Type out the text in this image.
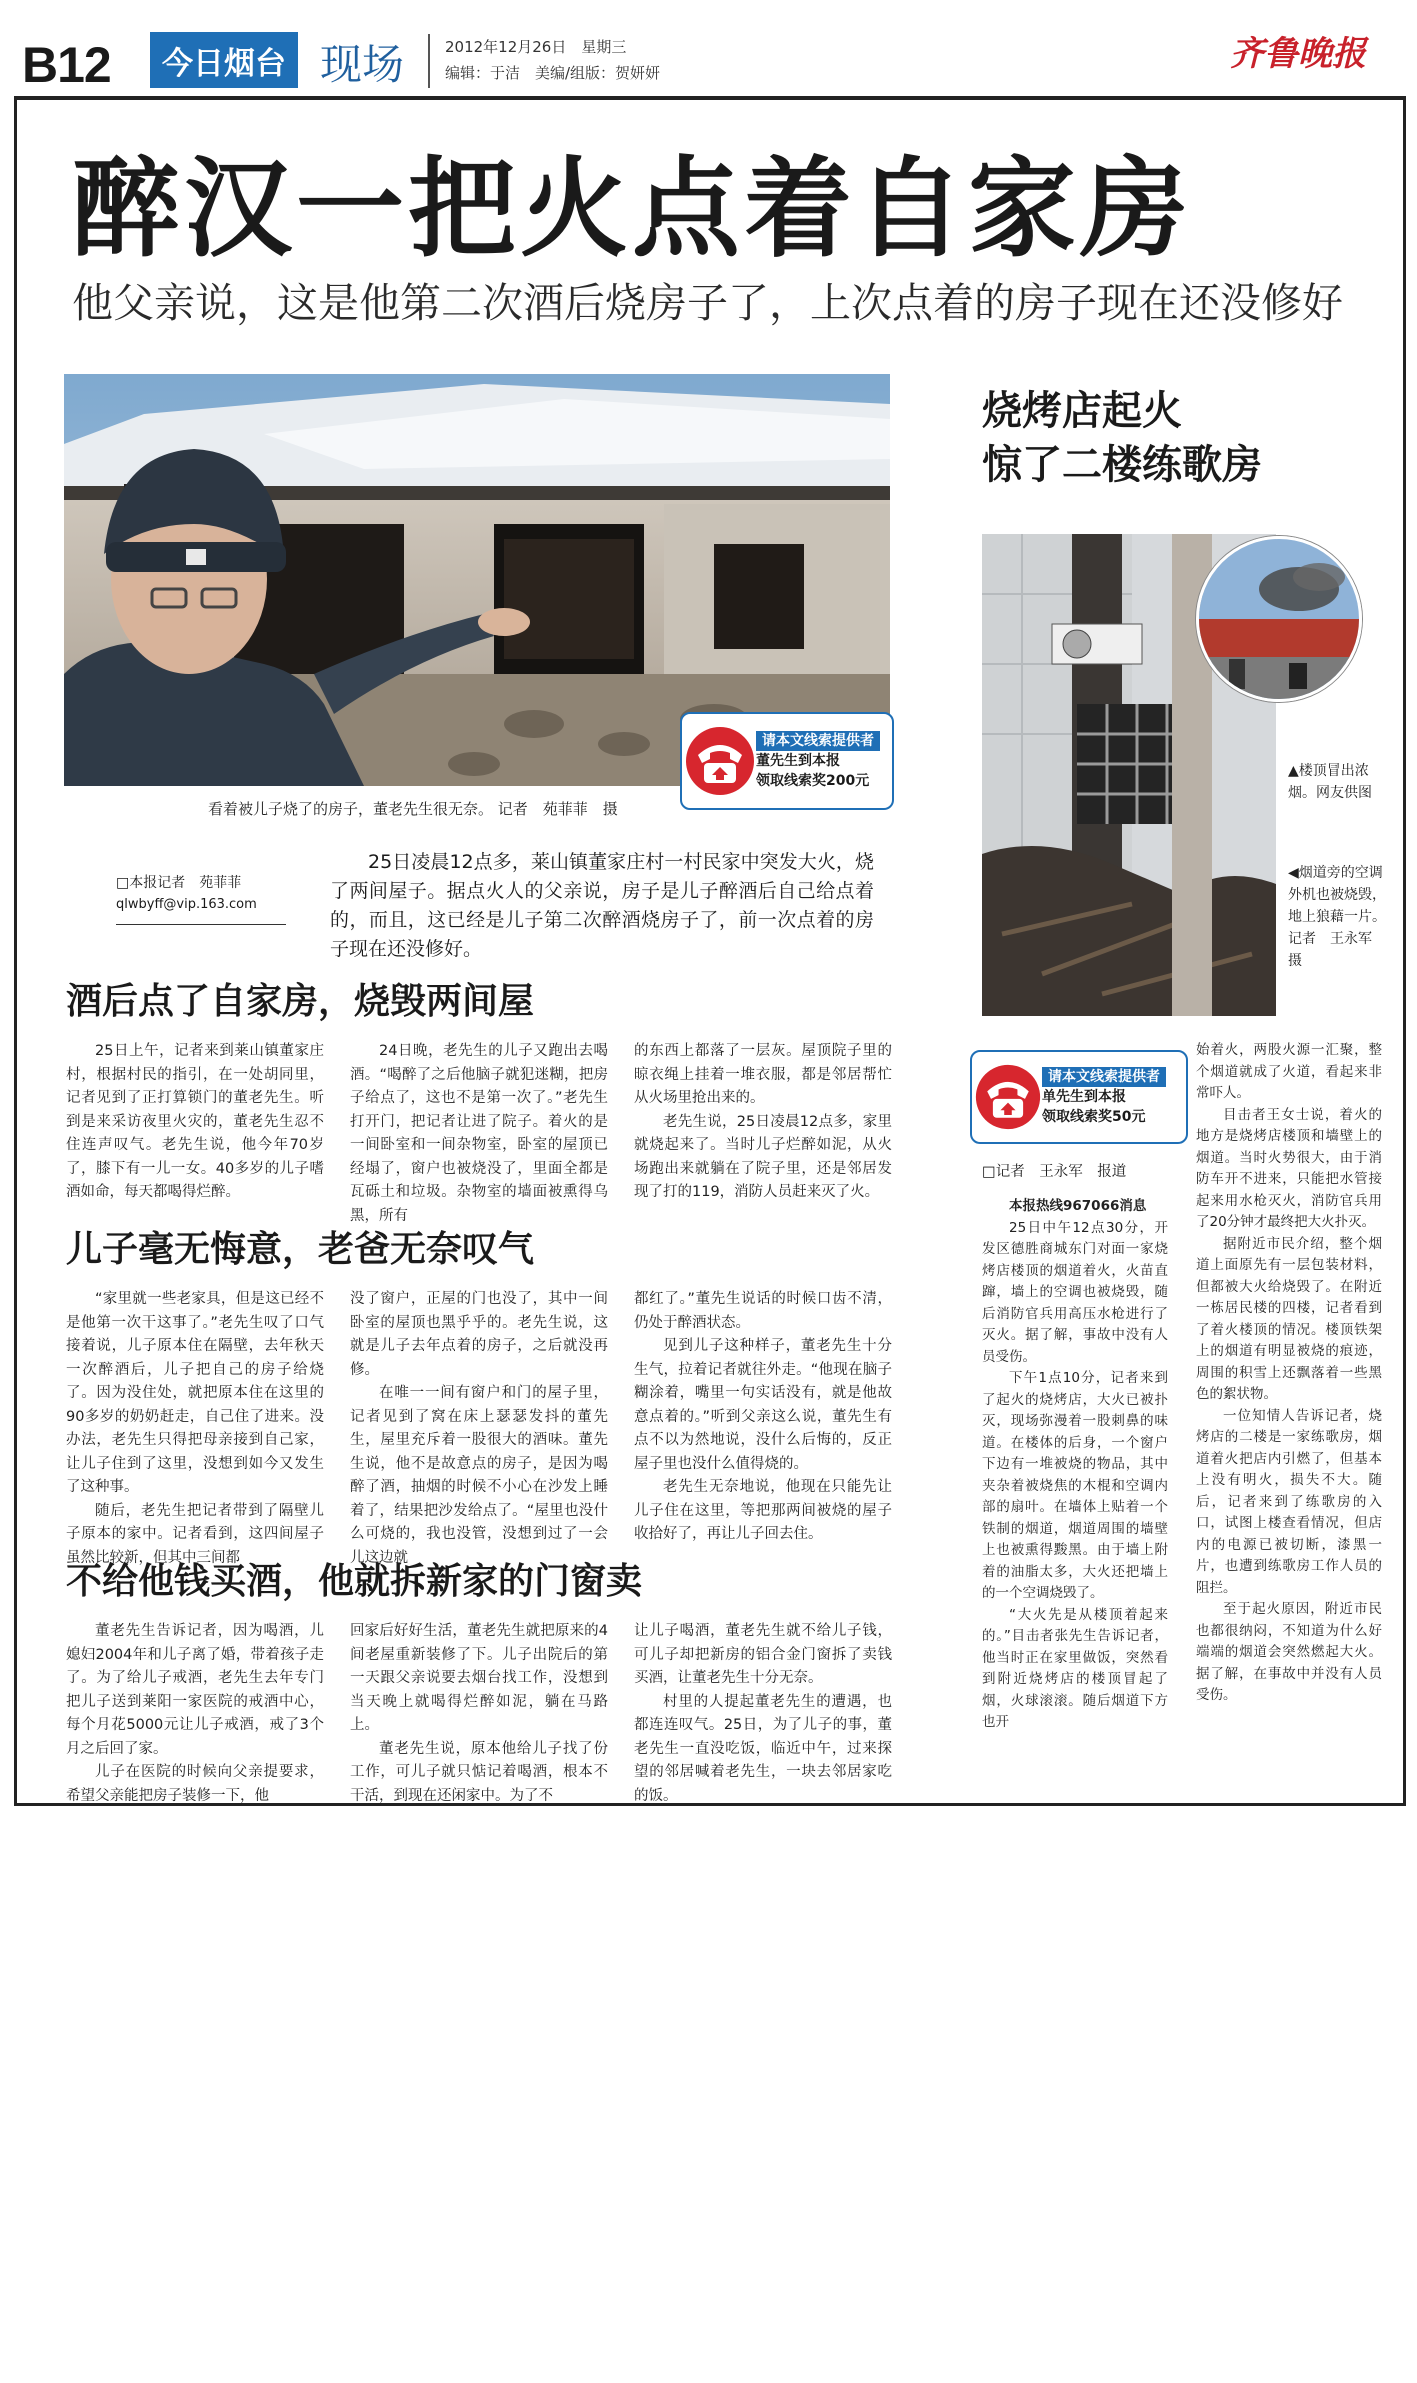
B12	今日烟台 现场	2012年12月26日　星期三
编辑：于洁　美编/组版：贺妍妍	齐鲁晚报
醉汉一把火点着自家房
他父亲说，这是他第二次酒后烧房子了，上次点着的房子现在还没修好
请本文线索提供者
董先生到本报
领取线索奖200元
看着被儿子烧了的房子，董老先生很无奈。 记者　苑菲菲　摄
□本报记者　苑菲菲
qlwbyff@vip.163.com

25日凌晨12点多，莱山镇董家庄村一村民家中突发大火，烧了两间屋子。据点火人的父亲说，房子是儿子醉酒后自己给点着的，而且，这已经是儿子第二次醉酒烧房子了，前一次点着的房子现在还没修好。

酒后点了自家房，烧毁两间屋
儿子毫无悔意，老爸无奈叹气
不给他钱买酒，他就拆新家的门窗卖

25日上午，记者来到莱山镇董家庄村，根据村民的指引，在一处胡同里，记者见到了正打算锁门的董老先生。听到是来采访夜里火灾的，董老先生忍不住连声叹气。老先生说，他今年70岁了，膝下有一儿一女。40多岁的儿子嗜酒如命，每天都喝得烂醉。

24日晚，老先生的儿子又跑出去喝酒。“喝醉了之后他脑子就犯迷糊，把房子给点了，这也不是第一次了。”老先生打开门，把记者让进了院子。着火的是一间卧室和一间杂物室，卧室的屋顶已经塌了，窗户也被烧没了，里面全都是瓦砾土和垃圾。杂物室的墙面被熏得乌黑，所有

的东西上都落了一层灰。屋顶院子里的晾衣绳上挂着一堆衣服，都是邻居帮忙从火场里抢出来的。

老先生说，25日凌晨12点多，家里就烧起来了。当时儿子烂醉如泥，从火场跑出来就躺在了院子里，还是邻居发现了打的119，消防人员赶来灭了火。

“家里就一些老家具，但是这已经不是他第一次干这事了。”老先生叹了口气接着说，儿子原本住在隔壁，去年秋天一次醉酒后，儿子把自己的房子给烧了。因为没住处，就把原本住在这里的90多岁的奶奶赶走，自己住了进来。没办法，老先生只得把母亲接到自己家，让儿子住到了这里，没想到如今又发生了这种事。

随后，老先生把记者带到了隔壁儿子原本的家中。记者看到，这四间屋子虽然比较新，但其中三间都

没了窗户，正屋的门也没了，其中一间卧室的屋顶也黑乎乎的。老先生说，这就是儿子去年点着的房子，之后就没再修。

在唯一一间有窗户和门的屋子里，记者见到了窝在床上瑟瑟发抖的董先生，屋里充斥着一股很大的酒味。董先生说，他不是故意点的房子，是因为喝醉了酒，抽烟的时候不小心在沙发上睡着了，结果把沙发给点了。“屋里也没什么可烧的，我也没管，没想到过了一会儿这边就

都红了。”董先生说话的时候口齿不清，仍处于醉酒状态。

见到儿子这种样子，董老先生十分生气，拉着记者就往外走。“他现在脑子糊涂着，嘴里一句实话没有，就是他故意点着的。”听到父亲这么说，董先生有点不以为然地说，没什么后悔的，反正屋子里也没什么值得烧的。

老先生无奈地说，他现在只能先让儿子住在这里，等把那两间被烧的屋子收拾好了，再让儿子回去住。

董老先生告诉记者，因为喝酒，儿媳妇2004年和儿子离了婚，带着孩子走了。为了给儿子戒酒，老先生去年专门把儿子送到莱阳一家医院的戒酒中心，每个月花5000元让儿子戒酒，戒了3个月之后回了家。

儿子在医院的时候向父亲提要求，希望父亲能把房子装修一下，他

回家后好好生活，董老先生就把原来的4间老屋重新装修了下。儿子出院后的第一天跟父亲说要去烟台找工作，没想到当天晚上就喝得烂醉如泥，躺在马路上。

董老先生说，原本他给儿子找了份工作，可儿子就只惦记着喝酒，根本不干活，到现在还闲家中。为了不

让儿子喝酒，董老先生就不给儿子钱，可儿子却把新房的铝合金门窗拆了卖钱买酒，让董老先生十分无奈。

村里的人提起董老先生的遭遇，也都连连叹气。25日，为了儿子的事，董老先生一直没吃饭，临近中午，过来探望的邻居喊着老先生，一块去邻居家吃的饭。

烧烤店起火
惊了二楼练歌房
▲楼顶冒出浓烟。网友供图
◀烟道旁的空调外机也被烧毁，地上狼藉一片。记者　王永军　摄
请本文线索提供者
单先生到本报
领取线索奖50元
□记者　王永军　报道

本报热线967066消息

25日中午12点30分，开发区德胜商城东门对面一家烧烤店楼顶的烟道着火，火苗直蹿，墙上的空调也被烧毁，随后消防官兵用高压水枪进行了灭火。据了解，事故中没有人员受伤。

下午1点10分，记者来到了起火的烧烤店，大火已被扑灭，现场弥漫着一股刺鼻的味道。在楼体的后身，一个窗户下边有一堆被烧的物品，其中夹杂着被烧焦的木棍和空调内部的扇叶。在墙体上贴着一个铁制的烟道，烟道周围的墙壁上也被熏得黢黑。由于墙上附着的油脂太多，大火还把墙上的一个空调烧毁了。

“大火先是从楼顶着起来的。”目击者张先生告诉记者，他当时正在家里做饭，突然看到附近烧烤店的楼顶冒起了烟，火球滚滚。随后烟道下方也开

始着火，两股火源一汇聚，整个烟道就成了火道，看起来非常吓人。

目击者王女士说，着火的地方是烧烤店楼顶和墙壁上的烟道。当时火势很大，由于消防车开不进来，只能把水管接起来用水枪灭火，消防官兵用了20分钟才最终把大火扑灭。

据附近市民介绍，整个烟道上面原先有一层包装材料，但都被大火给烧毁了。在附近一栋居民楼的四楼，记者看到了着火楼顶的情况。楼顶铁架上的烟道有明显被烧的痕迹，周围的积雪上还飘落着一些黑色的絮状物。

一位知情人告诉记者，烧烤店的二楼是一家练歌房，烟道着火把店内引燃了，但基本上没有明火，损失不大。随后，记者来到了练歌房的入口，试图上楼查看情况，但店内的电源已被切断，漆黑一片，也遭到练歌房工作人员的阻拦。

至于起火原因，附近市民也都很纳闷，不知道为什么好端端的烟道会突然燃起大火。据了解，在事故中并没有人员受伤。
